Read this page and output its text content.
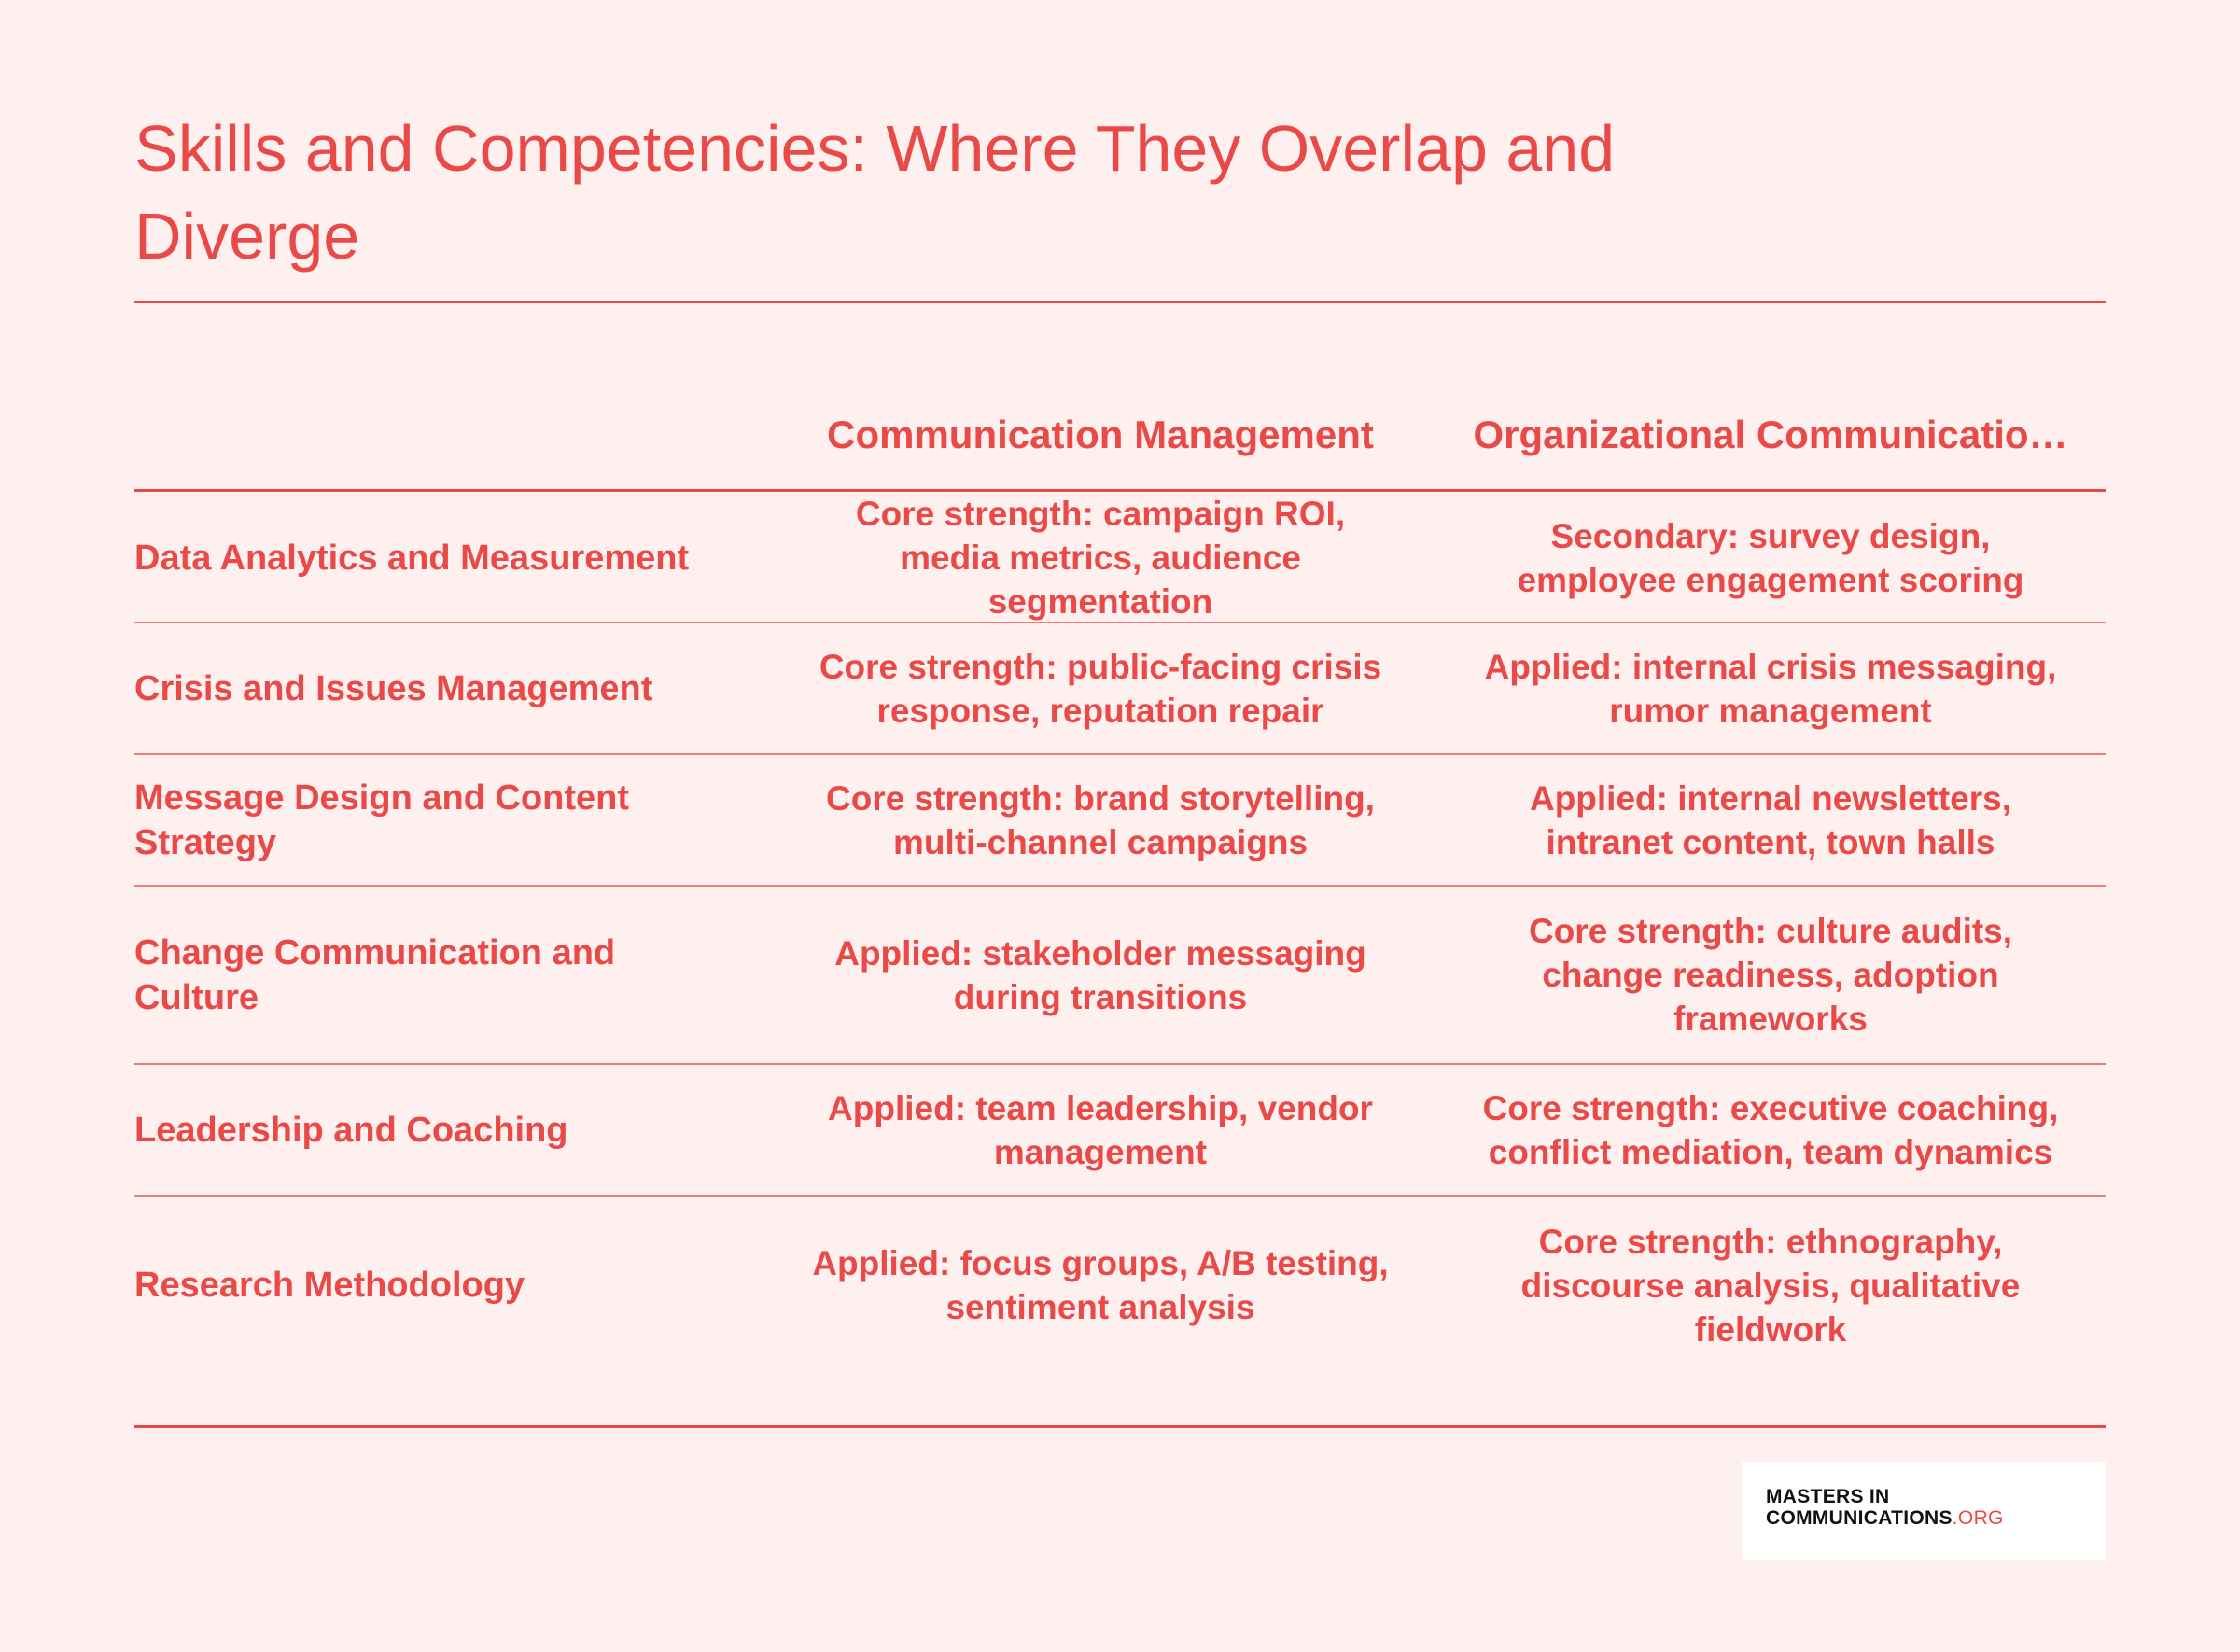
Skills and Competencies: Where They Overlap and Diverge
Communication Management	Organizational Communicatio…
Data Analytics and Measurement
Core strength: campaign ROI, media metrics, audience segmentation
Secondary: survey design, employee engagement scoring
Crisis and Issues Management
Core strength: public-facing crisis response, reputation repair
Applied: internal crisis messaging, rumor management
Message Design and Content Strategy
Core strength: brand storytelling, multi-channel campaigns
Applied: internal newsletters, intranet content, town halls
Change Communication and Culture
Applied: stakeholder messaging during transitions
Core strength: culture audits, change readiness, adoption frameworks
Leadership and Coaching
Applied: team leadership, vendor management
Core strength: executive coaching, conflict mediation, team dynamics
Research Methodology
Applied: focus groups, A/B testing, sentiment analysis
Core strength: ethnography, discourse analysis, qualitative fieldwork
MASTERS IN
COMMUNICATIONS.ORG
